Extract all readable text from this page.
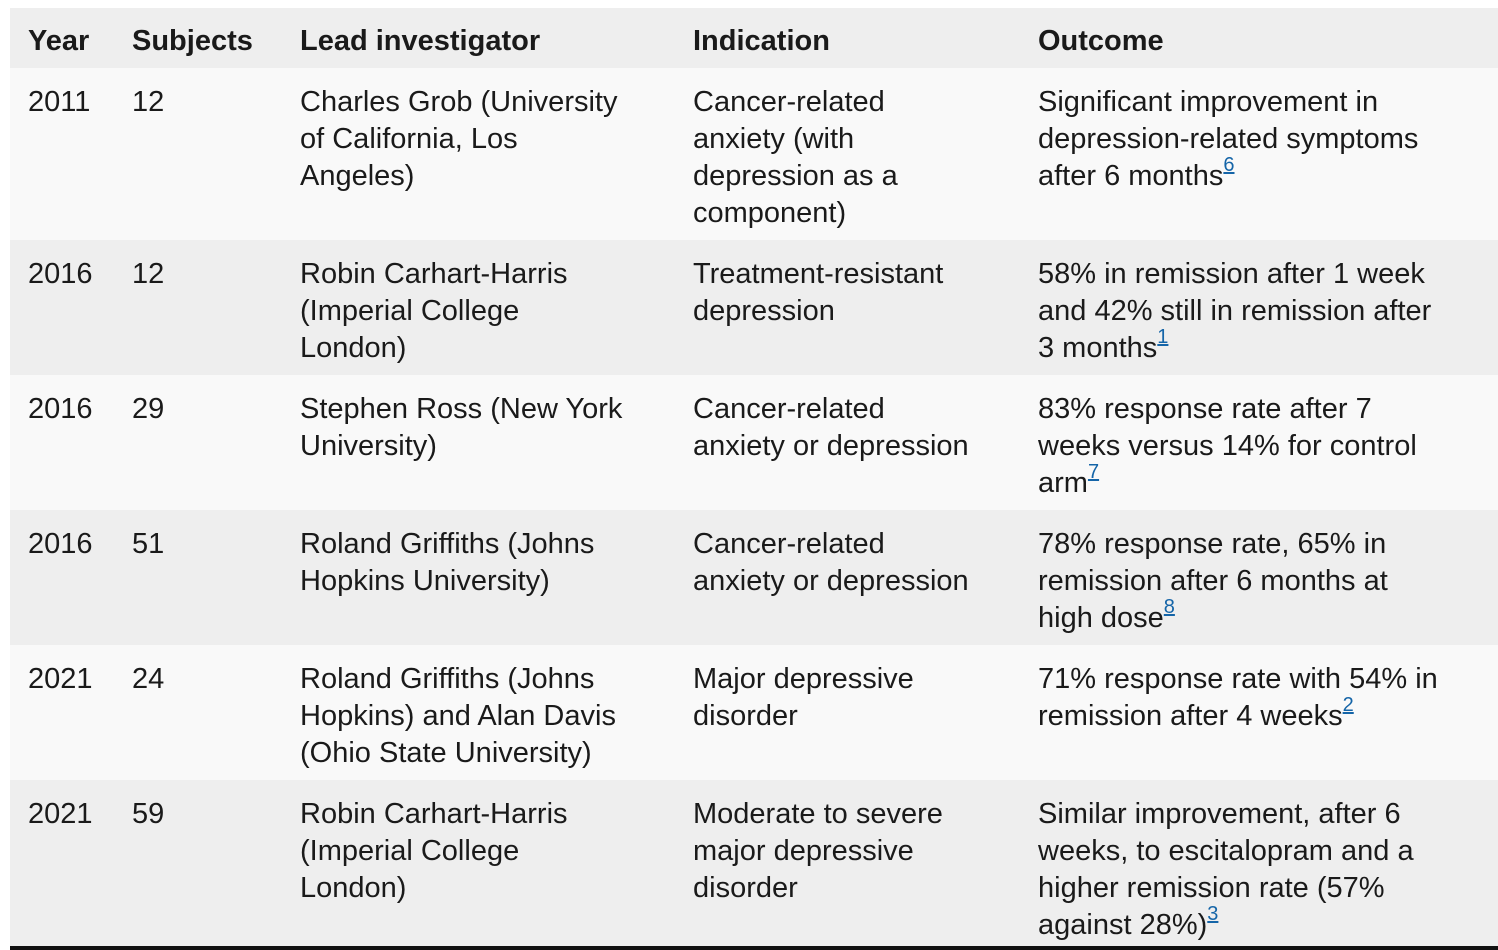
Year	Subjects	Lead investigator	Indication	Outcome
2011	12	Charles Grob (University
of California, Los
Angeles)	Cancer-related
anxiety (with
depression as a
component)	Significant improvement in
depression-related symptoms
after 6 months$^6$

2016	12	Robin Carhart-Harris
(Imperial College
London)	Treatment-resistant
depression	58% in remission after 1 week
and 42% still in remission after
3 months$^1$

2016	29	Stephen Ross (New York
University)	Cancer-related
anxiety or depression	83% response rate after 7
weeks versus 14% for control
arm$^7$

2016	51	Roland Griffiths (Johns
Hopkins University)	Cancer-related
anxiety or depression	78% response rate, 65% in
remission after 6 months at
high dose$^8$

2021	24	Roland Griffiths (Johns
Hopkins) and Alan Davis
(Ohio State University)	Major depressive
disorder	71% response rate with 54% in
remission after 4 weeks$^2$

2021	59	Robin Carhart-Harris
(Imperial College
London)	Moderate to severe
major depressive
disorder	Similar improvement, after 6
weeks, to escitalopram and a
higher remission rate (57%
against 28%)$^3$
